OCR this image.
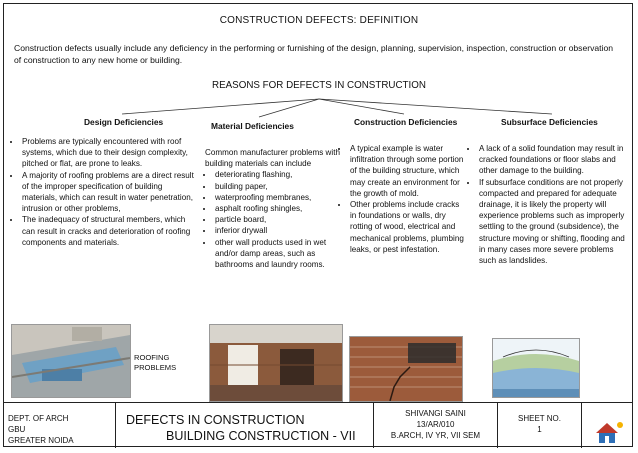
CONSTRUCTION DEFECTS: DEFINITION
Construction defects usually include any deficiency in the performing or furnishing of the design, planning, supervision, inspection, construction or observation of construction to any new home or building.
REASONS FOR DEFECTS IN CONSTRUCTION
Design Deficiencies	Material Deficiencies	Construction Deficiencies	Subsurface Deficiencies
• Problems are typically encountered with roof systems, which due to their design complexity, pitched or flat, are prone to leaks.
• A majority of roofing problems are a direct result of the improper specification of building materials, which can result in water penetration, intrusion or other problems,
• The inadequacy of structural members, which can result in cracks and deterioration of roofing components and materials.
Common manufacturer problems with building materials can include
• deteriorating flashing,
• building paper,
• waterproofing membranes,
• asphalt roofing shingles,
• particle board,
• inferior drywall
• other wall products used in wet and/or damp areas, such as bathrooms and laundry rooms.
• A typical example is water infiltration through some portion of the building structure, which may create an environment for the growth of mold.
• Other problems include cracks in foundations or walls, dry rotting of wood, electrical and mechanical problems, plumbing leaks, or pest infestation.
• A lack of a solid foundation may result in cracked foundations or floor slabs and other damage to the building.
• If subsurface conditions are not properly compacted and prepared for adequate drainage, it is likely the property will experience problems such as improperly settling to the ground (subsidence), the structure moving or shifting, flooding and in many cases more severe problems such as landslides.
ROOFING PROBLEMS
DEPT. OF ARCH
GBU
GREATER NOIDA
DEFECTS IN CONSTRUCTION
BUILDING CONSTRUCTION - VII
SHIVANGI SAINI
13/AR/010
B.ARCH, IV YR, VII SEM
SHEET NO.
1
